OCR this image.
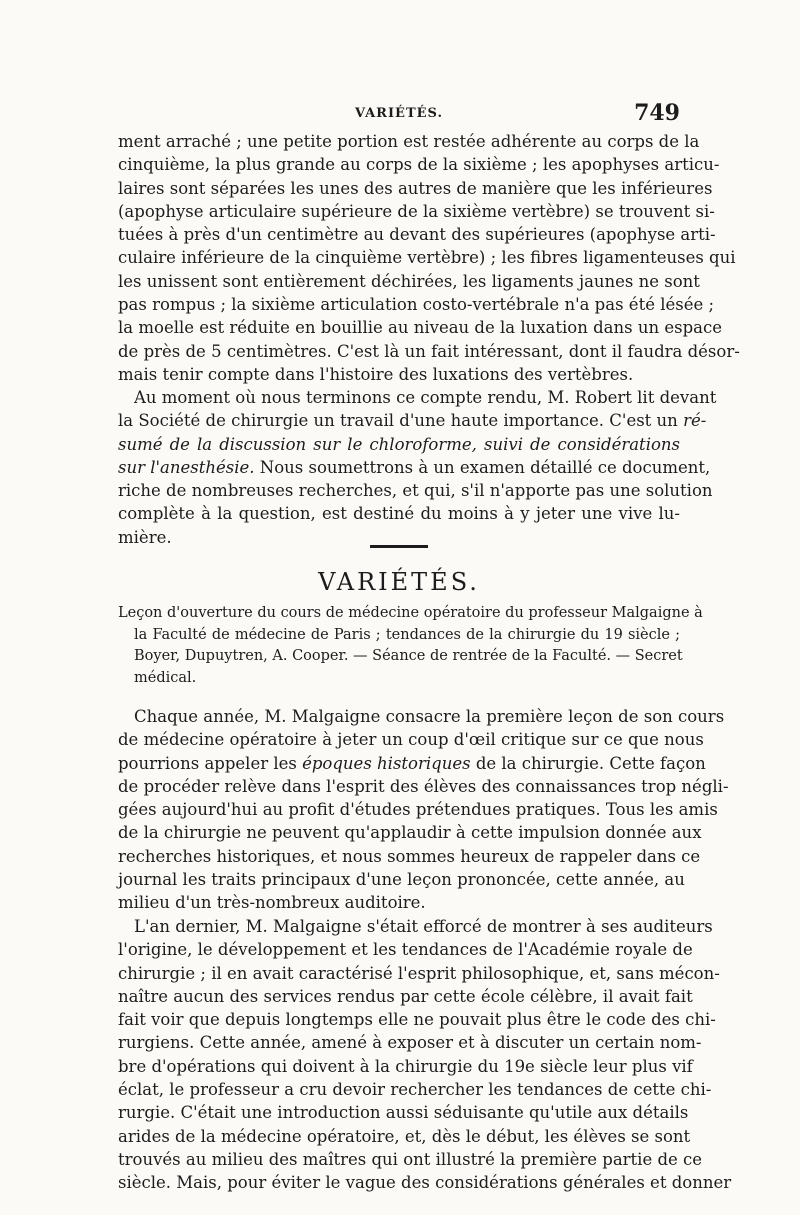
VARIÉTÉS.	749
ment arraché ; une petite portion est restée adhérente au corps de la
cinquième, la plus grande au corps de la sixième ; les apophyses articu-
laires sont séparées les unes des autres de manière que les inférieures
(apophyse articulaire supérieure de la sixième vertèbre) se trouvent si-
tuées à près d'un centimètre au devant des supérieures (apophyse arti-
culaire inférieure de la cinquième vertèbre) ; les fibres ligamenteuses qui
les unissent sont entièrement déchirées, les ligaments jaunes ne sont
pas rompus ; la sixième articulation costo-vertébrale n'a pas été lésée ;
la moelle est réduite en bouillie au niveau de la luxation dans un espace
de près de 5 centimètres. C'est là un fait intéressant, dont il faudra désor-
mais tenir compte dans l'histoire des luxations des vertèbres.
Au moment où nous terminons ce compte rendu, M. Robert lit devant
la Société de chirurgie un travail d'une haute importance. C'est un ré-
sumé de la discussion sur le chloroforme, suivi de considérations
sur l'anesthésie. Nous soumettrons à un examen détaillé ce document,
riche de nombreuses recherches, et qui, s'il n'apporte pas une solution
complète à la question, est destiné du moins à y jeter une vive lu-
mière.
VARIÉTÉS.
Leçon d'ouverture du cours de médecine opératoire du professeur Malgaigne à
la Faculté de médecine de Paris ; tendances de la chirurgie du 19 siècle ;
Boyer, Dupuytren, A. Cooper. — Séance de rentrée de la Faculté. — Secret
médical.
Chaque année, M. Malgaigne consacre la première leçon de son cours
de médecine opératoire à jeter un coup d'œil critique sur ce que nous
pourrions appeler les époques historiques de la chirurgie. Cette façon
de procéder relève dans l'esprit des élèves des connaissances trop négli-
gées aujourd'hui au profit d'études prétendues pratiques. Tous les amis
de la chirurgie ne peuvent qu'applaudir à cette impulsion donnée aux
recherches historiques, et nous sommes heureux de rappeler dans ce
journal les traits principaux d'une leçon prononcée, cette année, au
milieu d'un très-nombreux auditoire.
L'an dernier, M. Malgaigne s'était efforcé de montrer à ses auditeurs
l'origine, le développement et les tendances de l'Académie royale de
chirurgie ; il en avait caractérisé l'esprit philosophique, et, sans mécon-
naître aucun des services rendus par cette école célèbre, il avait fait
fait voir que depuis longtemps elle ne pouvait plus être le code des chi-
rurgiens. Cette année, amené à exposer et à discuter un certain nom-
bre d'opérations qui doivent à la chirurgie du 19e siècle leur plus vif
éclat, le professeur a cru devoir rechercher les tendances de cette chi-
rurgie. C'était une introduction aussi séduisante qu'utile aux détails
arides de la médecine opératoire, et, dès le début, les élèves se sont
trouvés au milieu des maîtres qui ont illustré la première partie de ce
siècle. Mais, pour éviter le vague des considérations générales et donner
